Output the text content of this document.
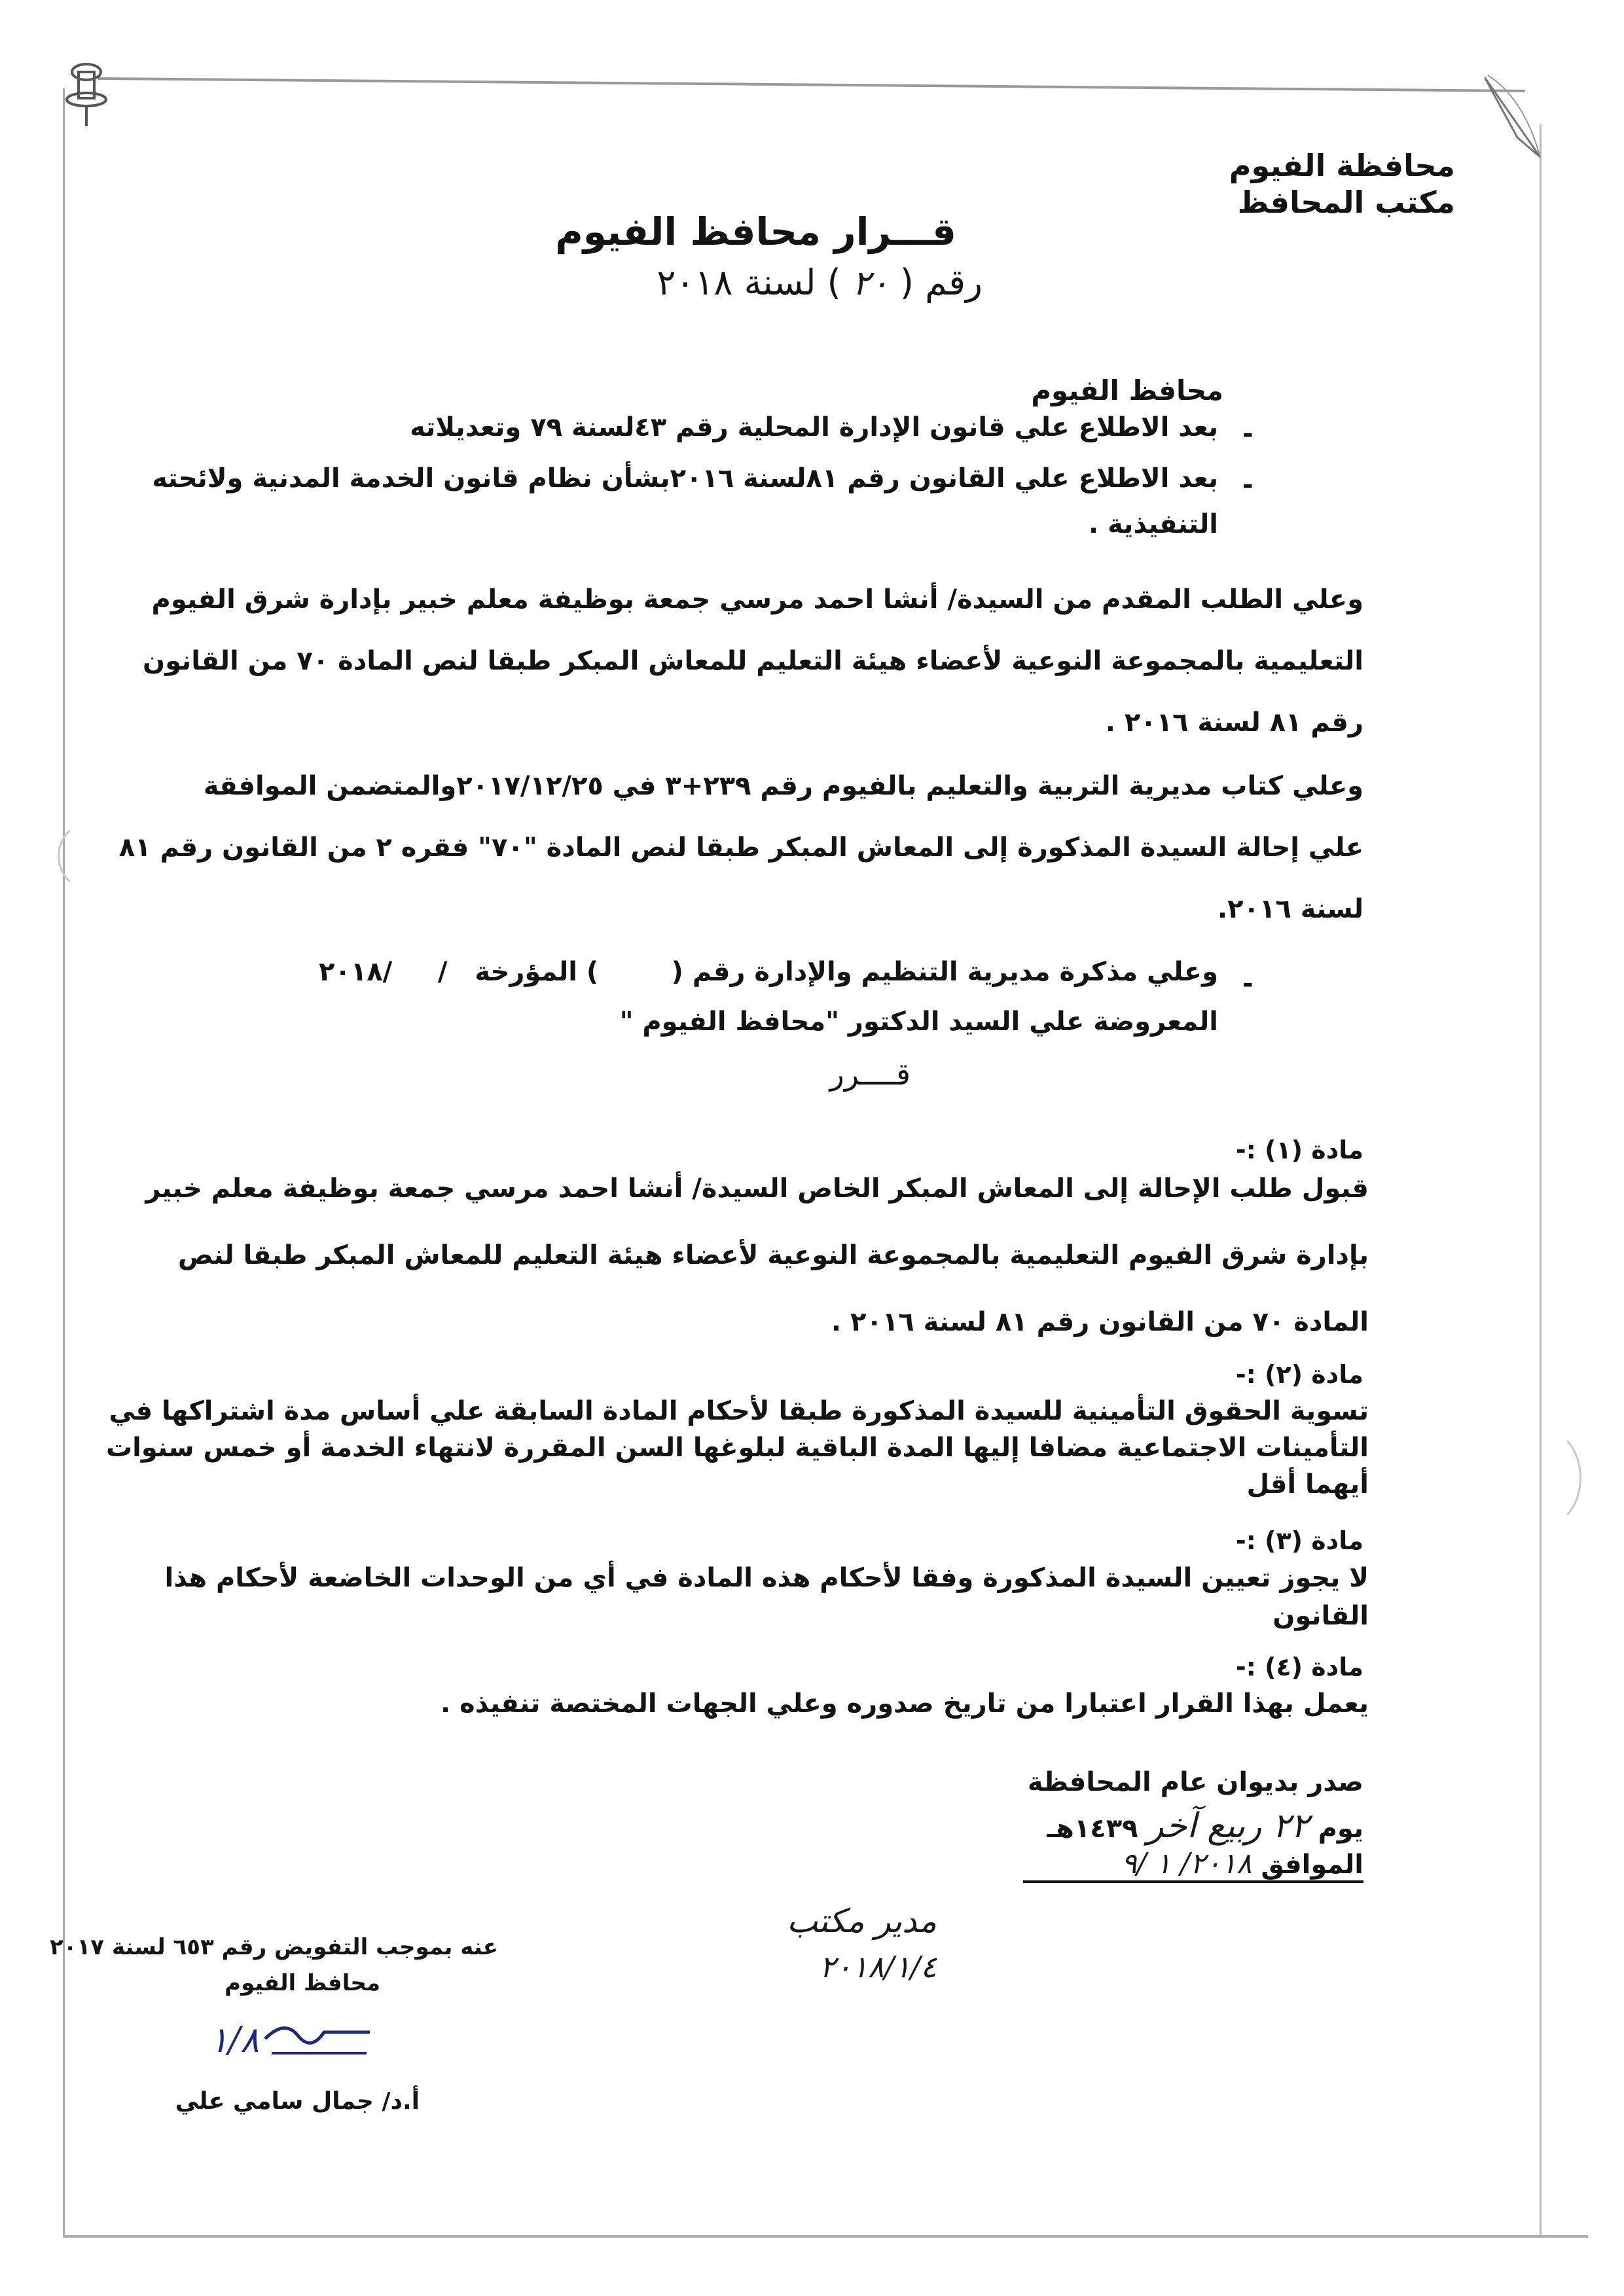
محافظة الفيوم
مكتب المحافظ
قـــرار محافظ الفيوم
رقم ( ٢٠ ) لسنة ٢٠١٨
محافظ الفيوم
-
بعد الاطلاع علي قانون الإدارة المحلية رقم ٤٣لسنة ٧٩ وتعديلاته
-
بعد الاطلاع علي القانون رقم ٨١لسنة ٢٠١٦بشأن نظام قانون الخدمة المدنية ولائحته
التنفيذية .
وعلي الطلب المقدم من السيدة/ أنشا احمد مرسي جمعة بوظيفة معلم خبير بإدارة شرق الفيوم
التعليمية بالمجموعة النوعية لأعضاء هيئة التعليم للمعاش المبكر طبقا لنص المادة ٧٠ من القانون
رقم ٨١ لسنة ٢٠١٦ .
وعلي كتاب مديرية التربية والتعليم بالفيوم رقم ٢٣٩+٣ في ٢٠١٧/١٢/٢٥والمتضمن الموافقة
علي إحالة السيدة المذكورة إلى المعاش المبكر طبقا لنص المادة "٧٠" فقره ٢ من القانون رقم ٨١
لسنة ٢٠١٦.
-
وعلي مذكرة مديرية التنظيم والإدارة رقم (        ) المؤرخة   /     /٢٠١٨
المعروضة علي السيد الدكتور "محافظ الفيوم "
قــــرر
مادة (١) :-
قبول طلب الإحالة إلى المعاش المبكر الخاص السيدة/ أنشا احمد مرسي جمعة بوظيفة معلم خبير
بإدارة شرق الفيوم التعليمية بالمجموعة النوعية لأعضاء هيئة التعليم للمعاش المبكر طبقا لنص
المادة ٧٠ من القانون رقم ٨١ لسنة ٢٠١٦ .
مادة (٢) :-
تسوية الحقوق التأمينية للسيدة المذكورة طبقا لأحكام المادة السابقة علي أساس مدة اشتراكها في
التأمينات الاجتماعية مضافا إليها المدة الباقية لبلوغها السن المقررة لانتهاء الخدمة أو خمس سنوات
أيهما أقل
مادة (٣) :-
لا يجوز تعيين السيدة المذكورة وفقا لأحكام هذه المادة في أي من الوحدات الخاضعة لأحكام هذا
القانون
مادة (٤) :-
يعمل بهذا القرار اعتبارا من تاريخ صدوره وعلي الجهات المختصة تنفيذه .
صدر بديوان عام المحافظة
يوم ٢٢ ربيع آخر ١٤٣٩هـ
الموافق ٢٠١٨/ ١ /٩
مدير مكتب
٢٠١٨/١/٤
عنه بموجب التفويض رقم ٦٥٣ لسنة ٢٠١٧
محافظ الفيوم
١/٨
أ.د/ جمال سامي علي
